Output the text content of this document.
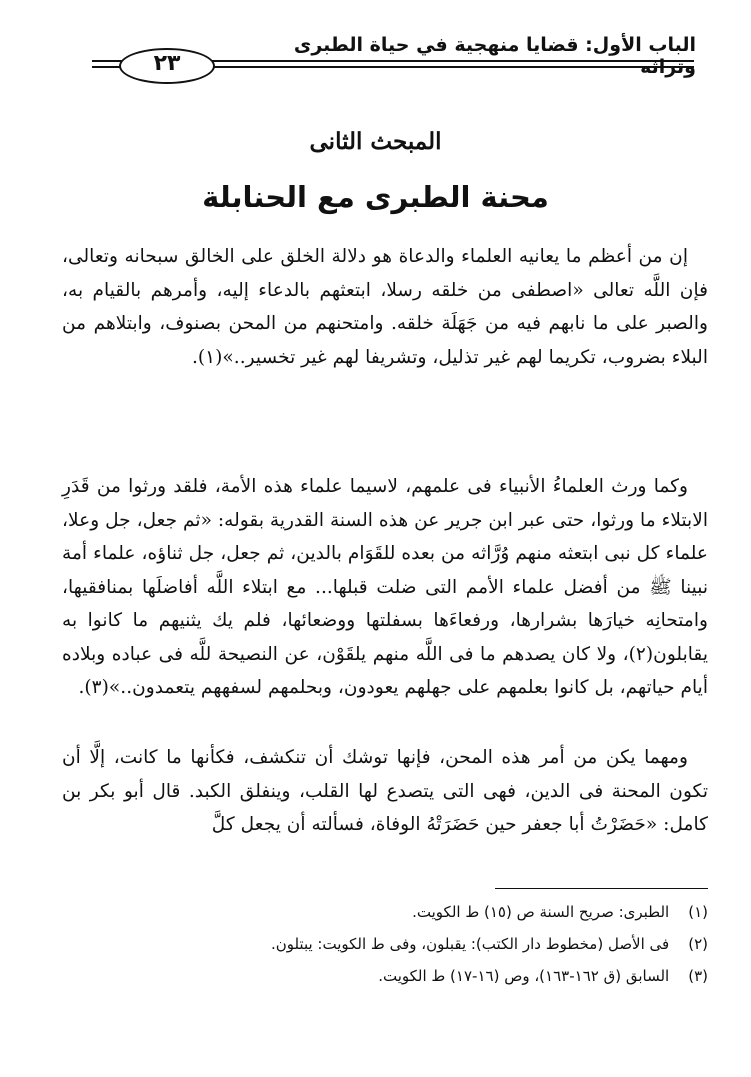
الباب الأول: قضايا منهجية في حياة الطبرى وتراثه
٢٣
المبحث الثانى
محنة الطبرى مع الحنابلة

إن من أعظم ما يعانيه العلماء والدعاة هو دلالة الخلق على الخالق سبحانه وتعالى، فإن اللَّه تعالى «اصطفى من خلقه رسلا، ابتعثهم بالدعاء إليه، وأمرهم بالقيام به، والصبر على ما نابهم فيه من جَهَلَة خلقه. وامتحنهم من المحن بصنوف، وابتلاهم من البلاء بضروب، تكريما لهم غير تذليل، وتشريفا لهم غير تخسير..»(١).

وكما ورث العلماءُ الأنبياء فى علمهم، لاسيما علماء هذه الأمة، فلقد ورثوا من قَدَرِ الابتلاء ما ورثوا، حتى عبر ابن جرير عن هذه السنة القدرية بقوله: «ثم جعل، جل وعلا، علماء كل نبى ابتعثه منهم وُرَّاثه من بعده للقَوَام بالدين، ثم جعل، جل ثناؤه، علماء أمة نبينا ﷺ من أفضل علماء الأمم التى ضلت قبلها... مع ابتلاء اللَّه أفاضلَها بمنافقيها، وامتحانِه خيارَها بشرارها، ورفعاءَها بسفلتها ووضعائها، فلم يك يثنيهم ما كانوا به يقابلون(٢)، ولا كان يصدهم ما فى اللَّه منهم يلقَوْن، عن النصيحة للَّه فى عباده وبلاده أيام حياتهم، بل كانوا بعلمهم على جهلهم يعودون، وبحلمهم لسفههم يتعمدون..»(٣).

ومهما يكن من أمر هذه المحن، فإنها توشك أن تنكشف، فكأنها ما كانت، إلَّا أن تكون المحنة فى الدين، فهى التى يتصدع لها القلب، وينفلق الكبد. قال أبو بكر بن كامل: «حَضَرْتُ أبا جعفر حين حَضَرَتْهُ الوفاة، فسألته أن يجعل كلَّ

(١) الطبرى: صريح السنة ص (١٥) ط الكويت.
(٢) فى الأصل (مخطوط دار الكتب): يقبلون، وفى ط الكويت: يبتلون.
(٣) السابق (ق ١٦٢-١٦٣)، وص (١٦-١٧) ط الكويت.
